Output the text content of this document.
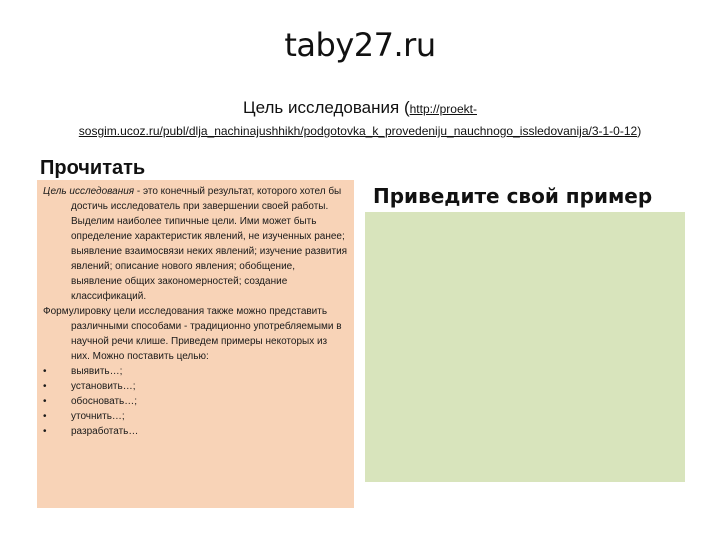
taby27.ru
Цель исследования (http://proekt-
sosgim.ucoz.ru/publ/dlja_nachinajushhikh/podgotovka_k_provedeniju_nauchnogo_issledovanija/3-1-0-12)
Прочитать

Цель исследования - это конечный результат, которого хотел бы достичь исследователь при завершении своей работы. Выделим наиболее типичные цели. Ими может быть определение характеристик явлений, не изученных ранее; выявление взаимосвязи неких явлений; изучение развития явлений; описание нового явления; обобщение, выявление общих закономерностей; создание классификаций.

Формулировку цели исследования также можно представить различными способами - традиционно употребляемыми в научной речи клише. Приведем примеры некоторых из них. Можно поставить целью:

•	выявить…;
•	установить…;
•	обосновать…;
•	уточнить…;
•	разработать…
Приведите свой пример
